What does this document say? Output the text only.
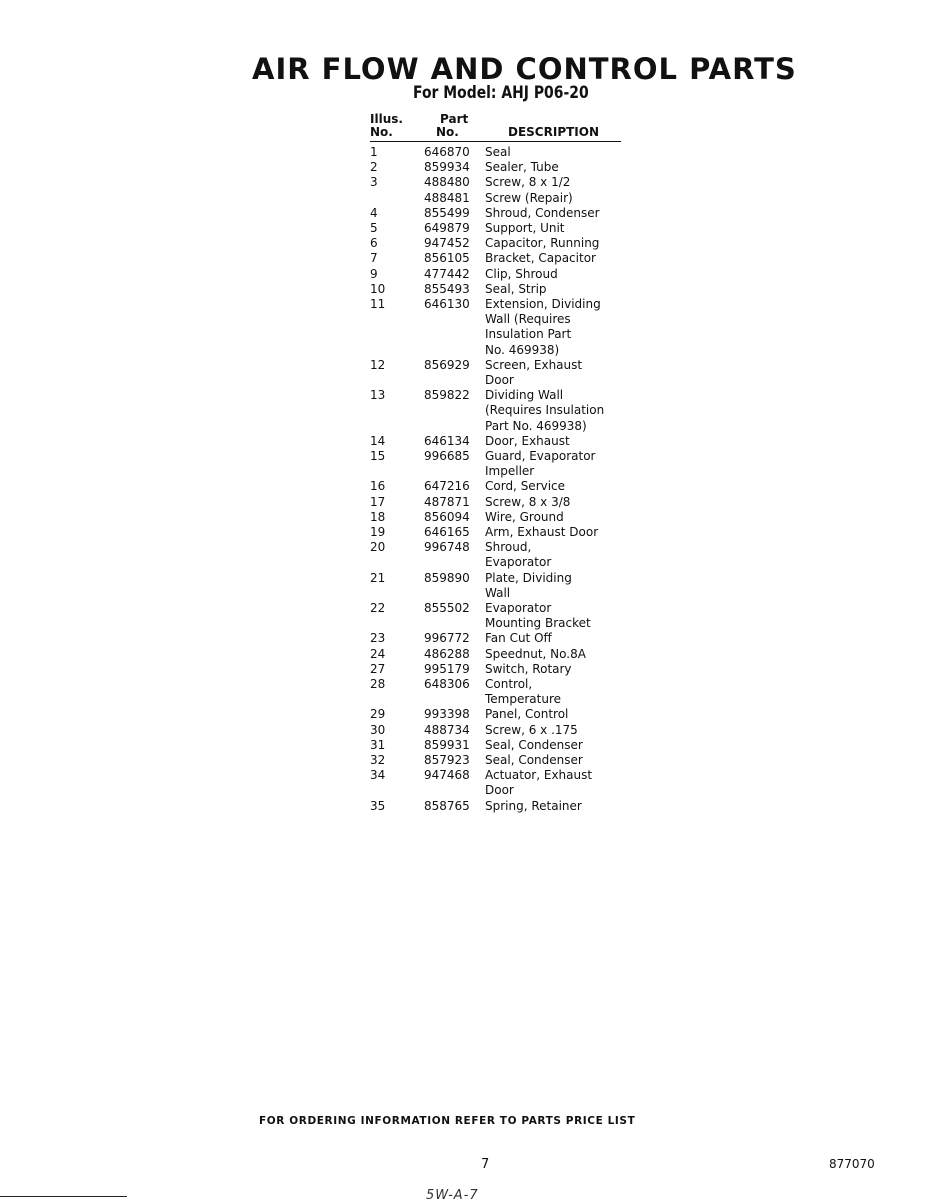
AIR FLOW AND CONTROL PARTS
For Model: AHJ P06-20
Illus.
No.
Part
No.	DESCRIPTION
1	646870 Seal
2	859934 Sealer, Tube
3	488480 Screw, 8 x 1/2
488481 Screw (Repair)
4	855499 Shroud, Condenser
5	649879 Support, Unit
6	947452 Capacitor, Running
7	856105 Bracket, Capacitor
9	477442 Clip, Shroud
10	855493 Seal, Strip
11	646130 Extension, Dividing
Wall (Requires
Insulation Part
No. 469938)
12	856929 Screen, Exhaust
Door
13	859822 Dividing Wall
(Requires Insulation
Part No. 469938)
14	646134 Door, Exhaust
15	996685 Guard, Evaporator
Impeller
16	647216 Cord, Service
17	487871 Screw, 8 x 3/8
18	856094 Wire, Ground
19	646165 Arm, Exhaust Door
20	996748 Shroud,
Evaporator
21	859890 Plate, Dividing
Wall
22	855502 Evaporator
Mounting Bracket
23	996772 Fan Cut Off
24	486288 Speednut, No.8A
27	995179 Switch, Rotary
28	648306 Control,
Temperature
29	993398 Panel, Control
30	488734 Screw, 6 x .175
31	859931 Seal, Condenser
32	857923 Seal, Condenser
34	947468 Actuator, Exhaust
Door
35	858765 Spring, Retainer
FOR ORDERING INFORMATION REFER TO PARTS PRICE LIST
7	877070
5W-A-7
